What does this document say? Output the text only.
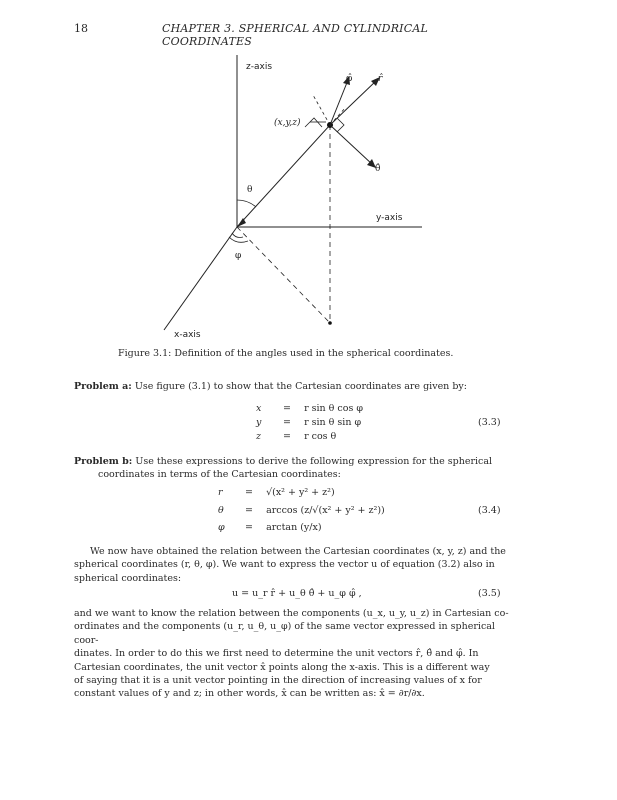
18	CHAPTER 3. SPHERICAL AND CYLINDRICAL COORDINATES
z-axis
y-axis
x-axis
(x,y,z)
θ
φ
φ̂	r̂
θ̂
Figure 3.1: Definition of the angles used in the spherical coordinates.
Problem a: Use figure (3.1) to show that the Cartesian coordinates are given by:
x = r sin θ cos φ
y = r sin θ sin φ
z = r cos θ
(3.3)
Problem b: Use these expressions to derive the following expression for the spherical
coordinates in terms of the Cartesian coordinates:
r = √(x² + y² + z²)
θ = arccos (z/√(x² + y² + z²))
φ = arctan (y/x)
(3.4)
We now have obtained the relation between the Cartesian coordinates (x, y, z) and the
spherical coordinates (r, θ, φ). We want to express the vector u of equation (3.2) also in
spherical coordinates:
u = u_r r̂ + u_θ θ̂ + u_φ φ̂ ,	(3.5)
and we want to know the relation between the components (u_x, u_y, u_z) in Cartesian co-
ordinates and the components (u_r, u_θ, u_φ) of the same vector expressed in spherical coor-
dinates. In order to do this we first need to determine the unit vectors r̂, θ̂ and φ̂. In
Cartesian coordinates, the unit vector x̂ points along the x-axis. This is a different way
of saying that it is a unit vector pointing in the direction of increasing values of x for
constant values of y and z; in other words, x̂ can be written as: x̂ = ∂r/∂x.
